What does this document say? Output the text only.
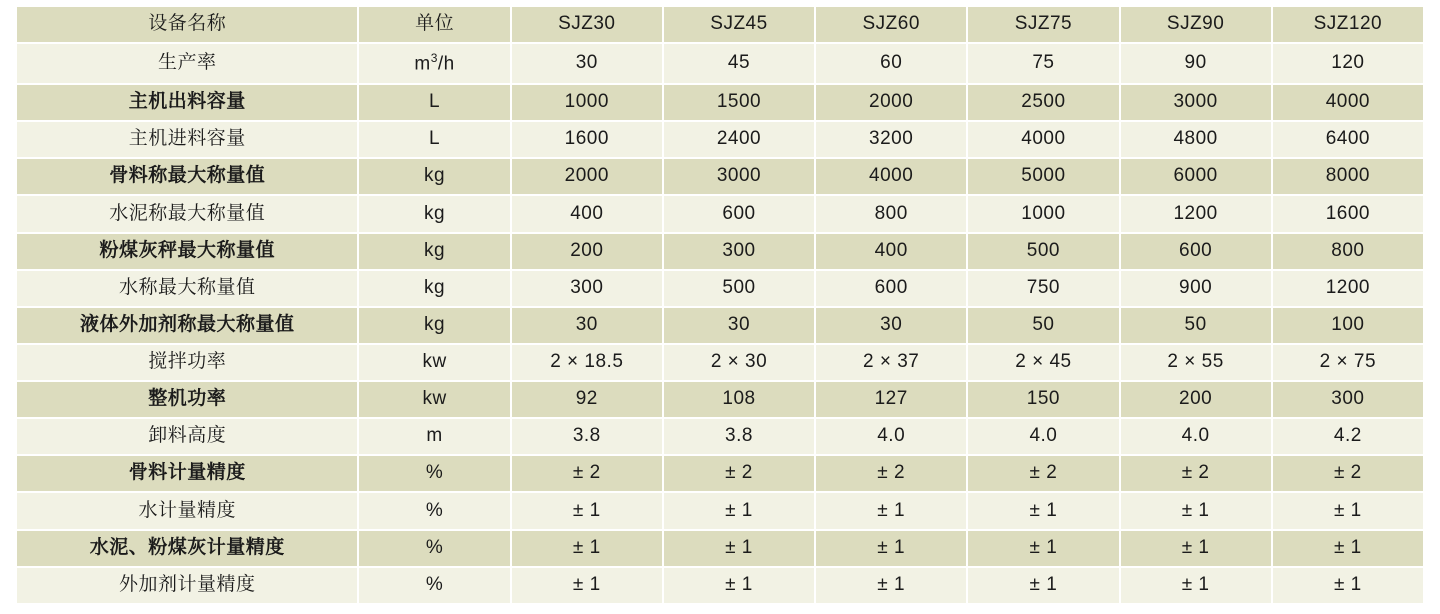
设备名称	单位	SJZ30	SJZ45	SJZ60	SJZ75	SJZ90	SJZ120
生产率	$m^3/h$	30	45	60	75	90	120
主机出料容量	L	1000	1500	2000	2500	3000	4000
主机进料容量	L	1600	2400	3200	4000	4800	6400
骨料称最大称量值	kg	2000	3000	4000	5000	6000	8000
水泥称最大称量值	kg	400	600	800	1000	1200	1600
粉煤灰秤最大称量值	kg	200	300	400	500	600	800
水称最大称量值	kg	300	500	600	750	900	1200
液体外加剂称最大称量值	kg	30	30	30	50	50	100
搅拌功率	kw	2 × 18.5	2 × 30	2 × 37	2 × 45	2 × 55	2 × 75
整机功率	kw	92	108	127	150	200	300
卸料高度	m	3.8	3.8	4.0	4.0	4.0	4.2
骨料计量精度	%	± 2	± 2	± 2	± 2	± 2	± 2
水计量精度	%	± 1	± 1	± 1	± 1	± 1	± 1
水泥、粉煤灰计量精度	%	± 1	± 1	± 1	± 1	± 1	± 1
外加剂计量精度	%	± 1	± 1	± 1	± 1	± 1	± 1
